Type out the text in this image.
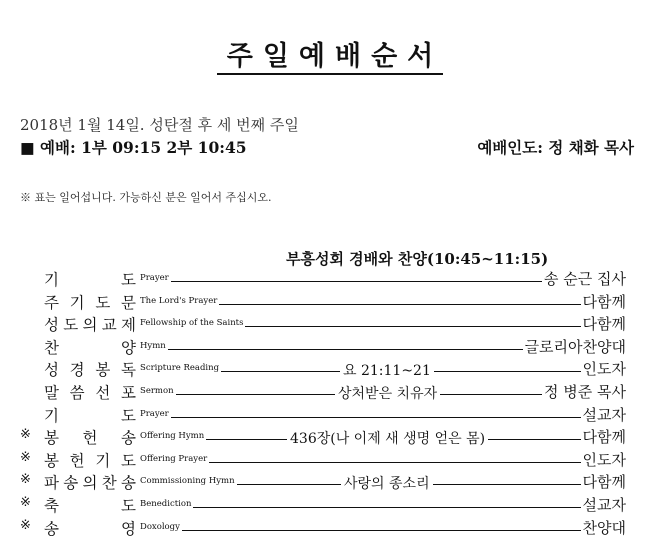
주일예배순서
2018년 1월 14일. 성탄절 후 세 번째 주일
■ 예배: 1부 09:15 2부 10:45	예배인도: 정 채화 목사
※ 표는 일어섭니다. 가능하신 분은 일어서 주십시오.
부흥성회 경배와 찬양(10:45~11:15)
기	도 Prayer	송 순근 집사
주 기 도 문 The Lord's Prayer	다함께
성 도 의 교 제 Fellowship of the Saints	다함께
찬	양 Hymn	글로리아찬양대
성 경 봉 독 Scripture Reading	요 21:11~21	인도자
말 씀 선 포 Sermon	상처받은 치유자	정 병준 목사
기	도 Prayer	설교자
※ 봉 헌 송 Offering Hymn	436장(나 이제 새 생명 얻은 몸)	다함께
※ 봉 헌 기 도 Offering Prayer	인도자
※ 파 송 의 찬 송 Commissioning Hymn	사랑의 종소리	다함께
※ 축	도 Benediction	설교자
※ 송	영 Doxology	찬양대
